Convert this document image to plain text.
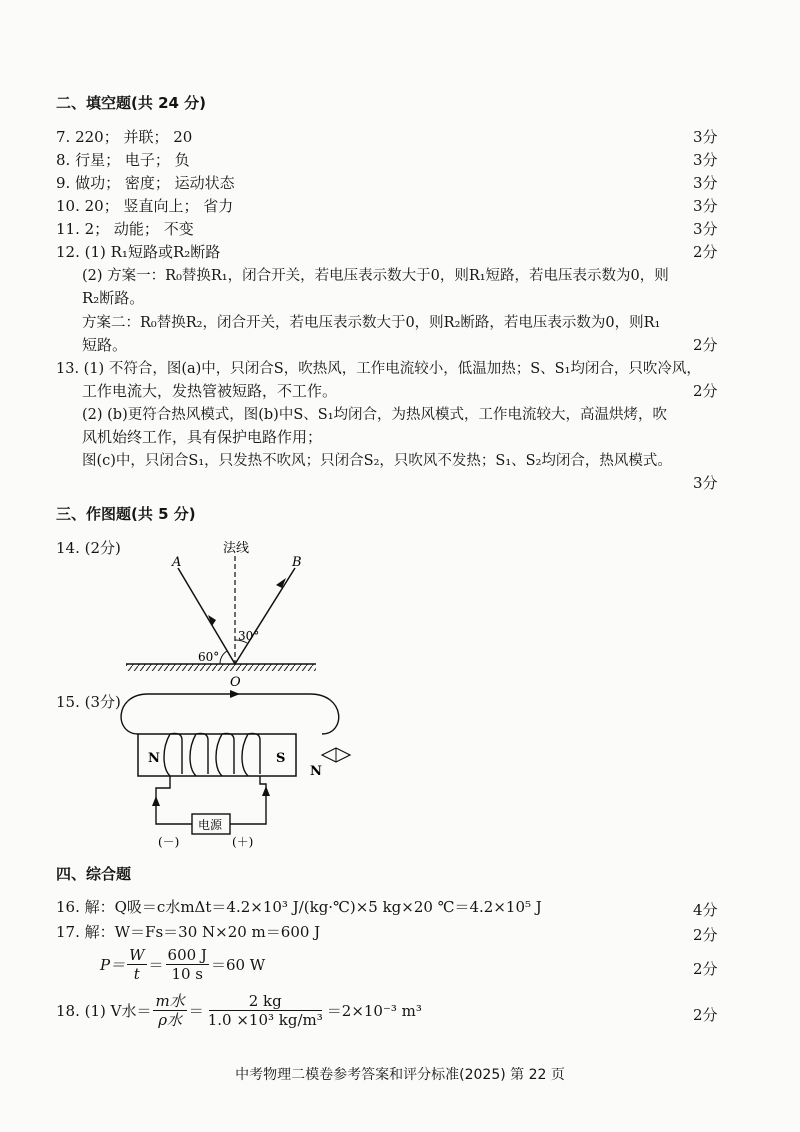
二、填空题(共 24 分)
7. 220； 并联； 20	3分
8. 行星； 电子； 负	3分
9. 做功； 密度； 运动状态	3分
10. 20； 竖直向上； 省力	3分
11. 2； 动能； 不变	3分
12. (1) R₁短路或R₂断路	2分
(2) 方案一：R₀替换R₁，闭合开关，若电压表示数大于0，则R₁短路，若电压表示数为0，则
R₂断路。
方案二：R₀替换R₂，闭合开关，若电压表示数大于0，则R₂断路，若电压表示数为0，则R₁
短路。	2分
13. (1) 不符合，图(a)中，只闭合S，吹热风，工作电流较小，低温加热；S、S₁均闭合，只吹冷风，
工作电流大，发热管被短路，不工作。	2分
(2) (b)更符合热风模式，图(b)中S、S₁均闭合，为热风模式，工作电流较大，高温烘烤，吹
风机始终工作，具有保护电路作用；
图(c)中，只闭合S₁，只发热不吹风；只闭合S₂，只吹风不发热；S₁、S₂均闭合，热风模式。
3分
三、作图题(共 5 分)
14. (2分)	法线
A	B
O
60°
30°
15. (3分)
N	S
电源
(－)	(＋)
N
四、综合题
16. 解：Q吸＝c水mΔt＝4.2×10³ J/(kg·℃)×5 kg×20 ℃＝4.2×10⁵ J	4分
17. 解：W＝Fs＝30 N×20 m＝600 J	2分
$P= \frac{W}{t} = \frac{600 J}{10 s} =60$ W	2分
18. (1) V水＝ $\frac{\text{m水}}{\text{ρ水}} = \frac{2 kg}{\text{1.0 ×10³ kg/m³}} =2\times 10^{-3}$ m³	2分
中考物理二模卷参考答案和评分标准(2025) 第 22 页
